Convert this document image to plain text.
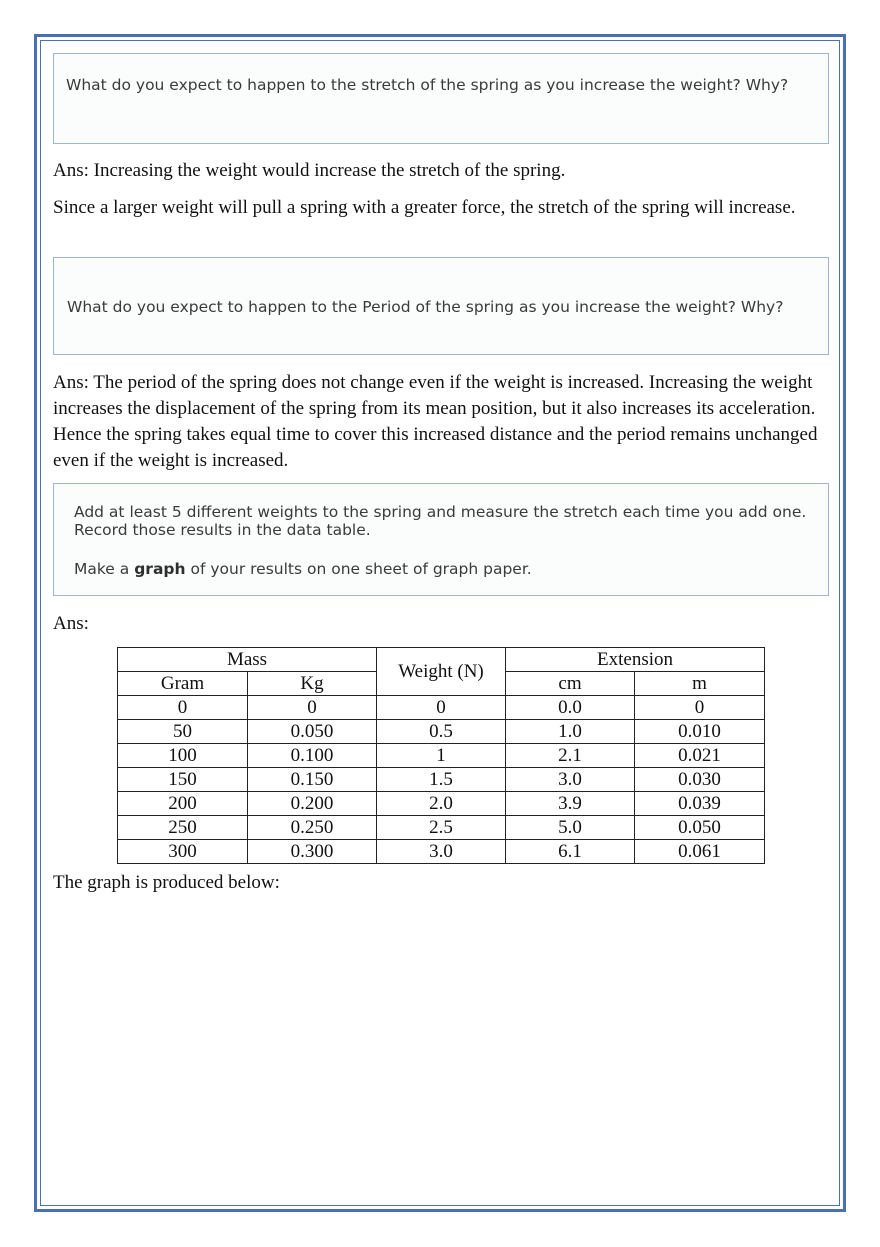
What do you expect to happen to the stretch of the spring as you increase the weight? Why?

Ans: Increasing the weight would increase the stretch of the spring.

Since a larger weight will pull a spring with a greater force, the stretch of the spring will increase.

What do you expect to happen to the Period of the spring as you increase the weight? Why?

Ans: The period of the spring does not change even if the weight is increased. Increasing the weight increases the displacement of the spring from its mean position, but it also increases its acceleration. Hence the spring takes equal time to cover this increased distance and the period remains unchanged even if the weight is increased.

Add at least 5 different weights to the spring and measure the stretch each time you add one.
Record those results in the data table.
Make a graph of your results on one sheet of graph paper.

Ans:

Mass		Weight (N)	Extension	
Gram	Kg		cm	m
0	0	0	0.0	0
50	0.050	0.5	1.0	0.010
100	0.100	1	2.1	0.021
150	0.150	1.5	3.0	0.030
200	0.200	2.0	3.9	0.039
250	0.250	2.5	5.0	0.050
300	0.300	3.0	6.1	0.061

The graph is produced below:
